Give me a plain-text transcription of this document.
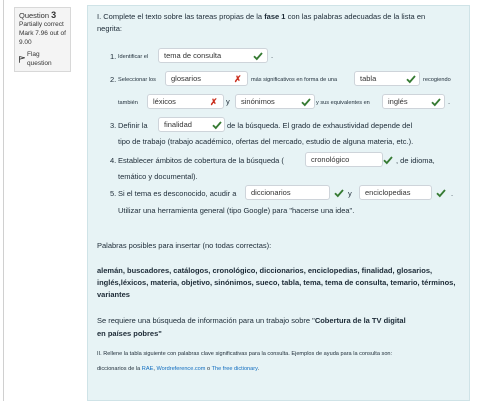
Question 3
Partially correct
Mark 7.96 out of
9.00
Flag question
I. Complete el texto sobre las tareas propias de la fase 1 con las palabras adecuadas de la lista en
negrita:
1. Identificar el	tema de consulta	.
2. Seleccionar los	glosarios	✗ más significativos en forma de una	tabla	recogiendo
también	léxicos	✗ y	sinónimos	y sus equivalentes en	inglés	.
3. Definir la	finalidad	de la búsqueda. El grado de exhaustividad depende del
tipo de trabajo (trabajo académico, ofertas del mercado, estudio de alguna materia, etc.).
4. Establecer ámbitos de cobertura de la búsqueda (	cronológico	, de idioma,
temático y documental).
5. Si el tema es desconocido, acudir a	diccionarios	y	enciclopedias	.
Utilizar una herramienta general (tipo Google) para "hacerse una idea".
Palabras posibles para insertar (no todas correctas):
alemán, buscadores, catálogos, cronológico, diccionarios, enciclopedias, finalidad, glosarios, inglés,léxicos, materia, objetivo, sinónimos, sueco, tabla, tema, tema de consulta, temario, términos, variantes
Se requiere una búsqueda de información para un trabajo sobre "Cobertura de la TV digital
en países pobres"
II. Rellene la tabla siguiente con palabras clave significativas para la consulta. Ejemplos de ayuda para la consulta son:
diccionarios de la RAE, Wordreference.com o The free dictionary.
